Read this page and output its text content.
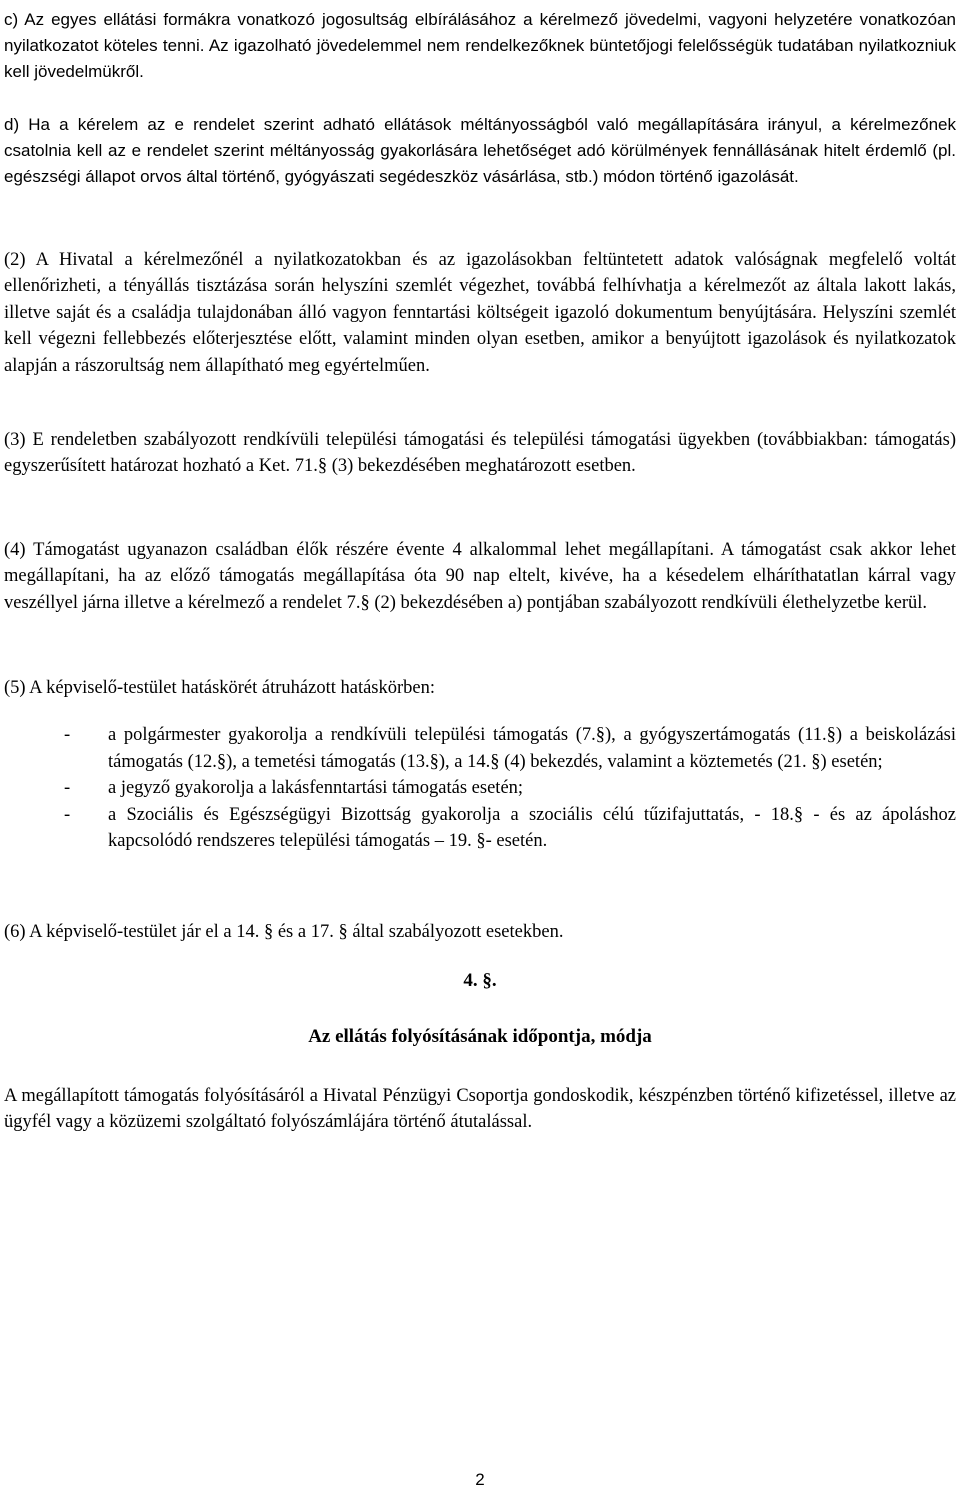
c) Az egyes ellátási formákra vonatkozó jogosultság elbírálásához a kérelmező jövedelmi, vagyoni helyzetére vonatkozóan nyilatkozatot köteles tenni. Az igazolható jövedelemmel nem rendelkezőknek büntetőjogi felelősségük tudatában nyilatkozniuk kell jövedelmükről.

d) Ha a kérelem az e rendelet szerint adható ellátások méltányosságból való megállapítására irányul, a kérelmezőnek csatolnia kell az e rendelet szerint méltányosság gyakorlására lehetőséget adó körülmények fennállásának hitelt érdemlő (pl. egészségi állapot orvos által történő, gyógyászati segédeszköz vásárlása, stb.) módon történő igazolását.

(2) A Hivatal a kérelmezőnél a nyilatkozatokban és az igazolásokban feltüntetett adatok valóságnak megfelelő voltát ellenőrizheti, a tényállás tisztázása során helyszíni szemlét végezhet, továbbá felhívhatja a kérelmezőt az általa lakott lakás, illetve saját és a családja tulajdonában álló vagyon fenntartási költségeit igazoló dokumentum benyújtására. Helyszíni szemlét kell végezni fellebbezés előterjesztése előtt, valamint minden olyan esetben, amikor a benyújtott igazolások és nyilatkozatok alapján a rászorultság nem állapítható meg egyértelműen.

(3) E rendeletben szabályozott rendkívüli települési támogatási és települési támogatási ügyekben (továbbiakban: támogatás) egyszerűsített határozat hozható a Ket. 71.§ (3) bekezdésében meghatározott esetben.

(4) Támogatást ugyanazon családban élők részére évente 4 alkalommal lehet megállapítani. A támogatást csak akkor lehet megállapítani, ha az előző támogatás megállapítása óta 90 nap eltelt, kivéve, ha a késedelem elháríthatatlan kárral vagy veszéllyel járna illetve a kérelmező a rendelet 7.§ (2) bekezdésében a) pontjában szabályozott rendkívüli élethelyzetbe kerül.

(5) A képviselő-testület hatáskörét átruházott hatáskörben:

- a polgármester gyakorolja a rendkívüli települési támogatás (7.§), a gyógyszertámogatás (11.§) a beiskolázási támogatás (12.§), a temetési támogatás (13.§), a 14.§ (4) bekezdés, valamint a köztemetés (21. §) esetén;
- a jegyző gyakorolja a lakásfenntartási támogatás esetén;
- a Szociális és Egészségügyi Bizottság gyakorolja a szociális célú tűzifajuttatás, - 18.§ - és az ápoláshoz kapcsolódó rendszeres települési támogatás – 19. §- esetén.

(6) A képviselő-testület jár el a 14. § és a 17. § által szabályozott esetekben.

4. §.
Az ellátás folyósításának időpontja, módja

A megállapított támogatás folyósításáról a Hivatal Pénzügyi Csoportja gondoskodik, készpénzben történő kifizetéssel, illetve az ügyfél vagy a közüzemi szolgáltató folyószámlájára történő átutalással.

2
